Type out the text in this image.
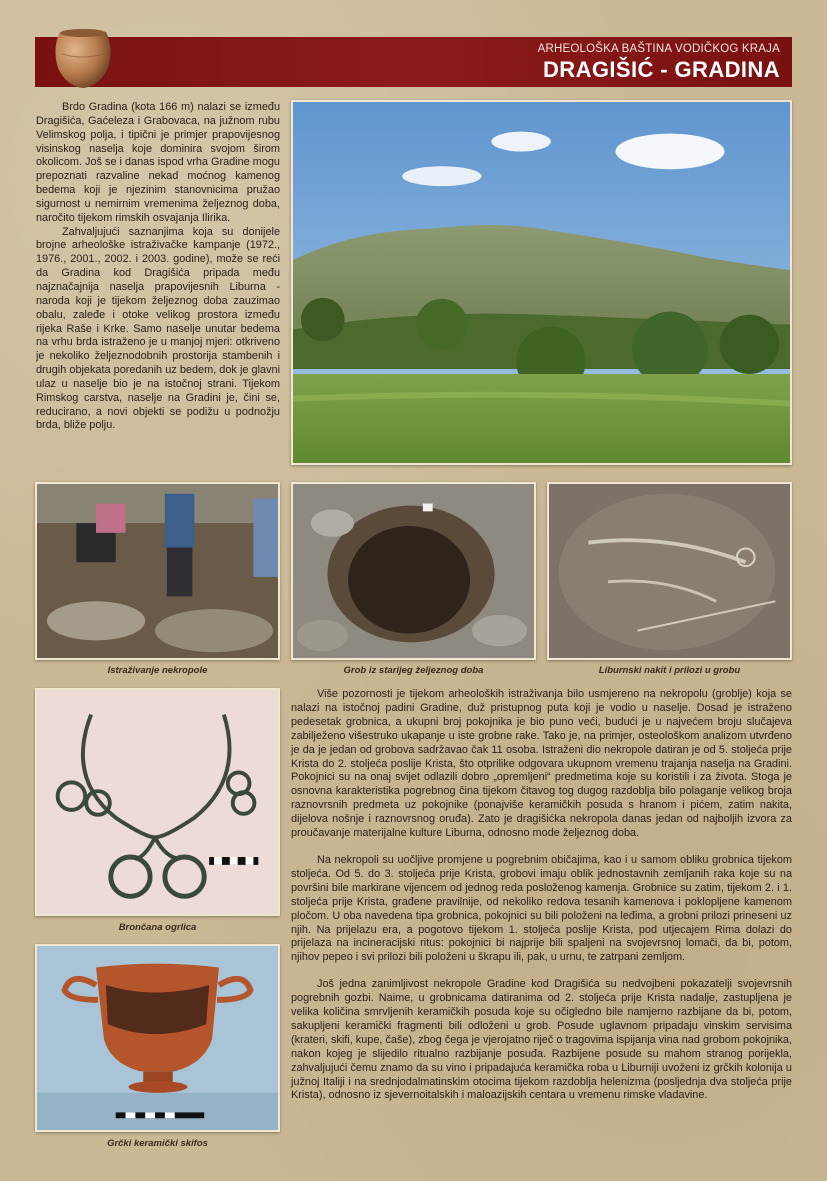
ARHEOLOŠKA BAŠTINA VODIČKOG KRAJA
DRAGIŠIĆ - GRADINA

Brdo Gradina (kota 166 m) nalazi se između Dragišića, Gaćeleza i Grabovaca, na južnom rubu Velimskog polja, i tipični je primjer prapovijesnog visinskog naselja koje dominira svojom širom okolicom. Još se i danas ispod vrha Gradine mogu prepoznati razvaline nekad moćnog kamenog bedema koji je njezinim stanovnicima pružao sigurnost u nemirnim vremenima željeznog doba, naročito tijekom rimskih osvajanja Ilirika.

Zahvaljujući saznanjima koja su donijele brojne arheološke istraživačke kampanje (1972., 1976., 2001., 2002. i 2003. godine), može se reći da Gradina kod Dragišića pripada među najznačajnija naselja prapovijesnih Liburna - naroda koji je tijekom željeznog doba zauzimao obalu, zaleđe i otoke velikog prostora između rijeka Raše i Krke. Samo naselje unutar bedema na vrhu brda istraženo je u manjoj mjeri: otkriveno je nekoliko željeznodobnih prostorija stambenih i drugih objekata poredanih uz bedem, dok je glavni ulaz u naselje bio je na istočnoj strani. Tijekom Rimskog carstva, naselje na Gradini je, čini se, reducirano, a novi objekti se podižu u podnožju brda, bliže polju.

Istraživanje nekropole	Grob iz starijeg željeznog doba	Liburnski nakit i prilozi u grobu
Brončana ogrlica
Grčki keramički skifos

Više pozornosti je tijekom arheoloških istraživanja bilo usmjereno na nekropolu (groblje) koja se nalazi na istočnoj padini Gradine, duž pristupnog puta koji je vodio u naselje. Dosad je istraženo pedesetak grobnica, a ukupni broj pokojnika je bio puno veći, budući je u najvećem broju slučajeva zabilježeno višestruko ukapanje u iste grobne rake. Tako je, na primjer, osteološkom analizom utvrđeno je da je jedan od grobova sadržavao čak 11 osoba. Istraženi dio nekropole datiran je od 5. stoljeća prije Krista do 2. stoljeća poslije Krista, što otprilike odgovara ukupnom vremenu trajanja naselja na Gradini. Pokojnici su na onaj svijet odlazili dobro „opremljeni“ predmetima koje su koristili i za života. Stoga je osnovna karakteristika pogrebnog čina tijekom čitavog tog dugog razdoblja bilo polaganje velikog broja raznovrsnih predmeta uz pokojnike (ponajviše keramičkih posuda s hranom i pićem, zatim nakita, dijelova nošnje i raznovrsnog oruđa). Zato je dragišićka nekropola danas jedan od najboljih izvora za proučavanje materijalne kulture Liburna, odnosno mode željeznog doba.

Na nekropoli su uočljive promjene u pogrebnim običajima, kao i u samom obliku grobnica tijekom stoljeća. Od 5. do 3. stoljeća prije Krista, grobovi imaju oblik jednostavnih zemljanih raka koje su na površini bile markirane vijencem od jednog reda posloženog kamenja. Grobnice su zatim, tijekom 2. i 1. stoljeća prije Krista, građene pravilnije, od nekoliko redova tesanih kamenova i poklopljene kamenom pločom. U oba navedena tipa grobnica, pokojnici su bili položeni na leđima, a grobni prilozi prineseni uz njih. Na prijelazu era, a pogotovo tijekom 1. stoljeća poslije Krista, pod utjecajem Rima dolazi do prijelaza na incineracijski ritus: pokojnici bi najprije bili spaljeni na svojevrsnoj lomači, da bi, potom, njihov pepeo i svi prilozi bili položeni u škrapu ili, pak, u urnu, te zatrpani zemljom.

Još jedna zanimljivost nekropole Gradine kod Dragišića su nedvojbeni pokazatelji svojevrsnih pogrebnih gozbi. Naime, u grobnicama datiranima od 2. stoljeća prije Krista nadalje, zastupljena je velika količina smrvljenih keramičkih posuda koje su očigledno bile namjerno razbijane da bi, potom, sakupljeni keramički fragmenti bili odloženi u grob. Posude uglavnom pripadaju vinskim servisima (krateri, skifi, kupe, čaše), zbog čega je vjerojatno riječ o tragovima ispijanja vina nad grobom pokojnika, nakon kojeg je slijedilo ritualno razbijanje posuđa. Razbijene posude su mahom stranog porijekla, zahvaljujući čemu znamo da su vino i pripadajuća keramička roba u Liburniji uvoženi iz grčkih kolonija u južnoj Italiji i na srednjodalmatinskim otocima tijekom razdoblja helenizma (posljednja dva stoljeća prije Krista), odnosno iz sjevernoitalskih i maloazijskih centara u vremenu rimske vladavine.
